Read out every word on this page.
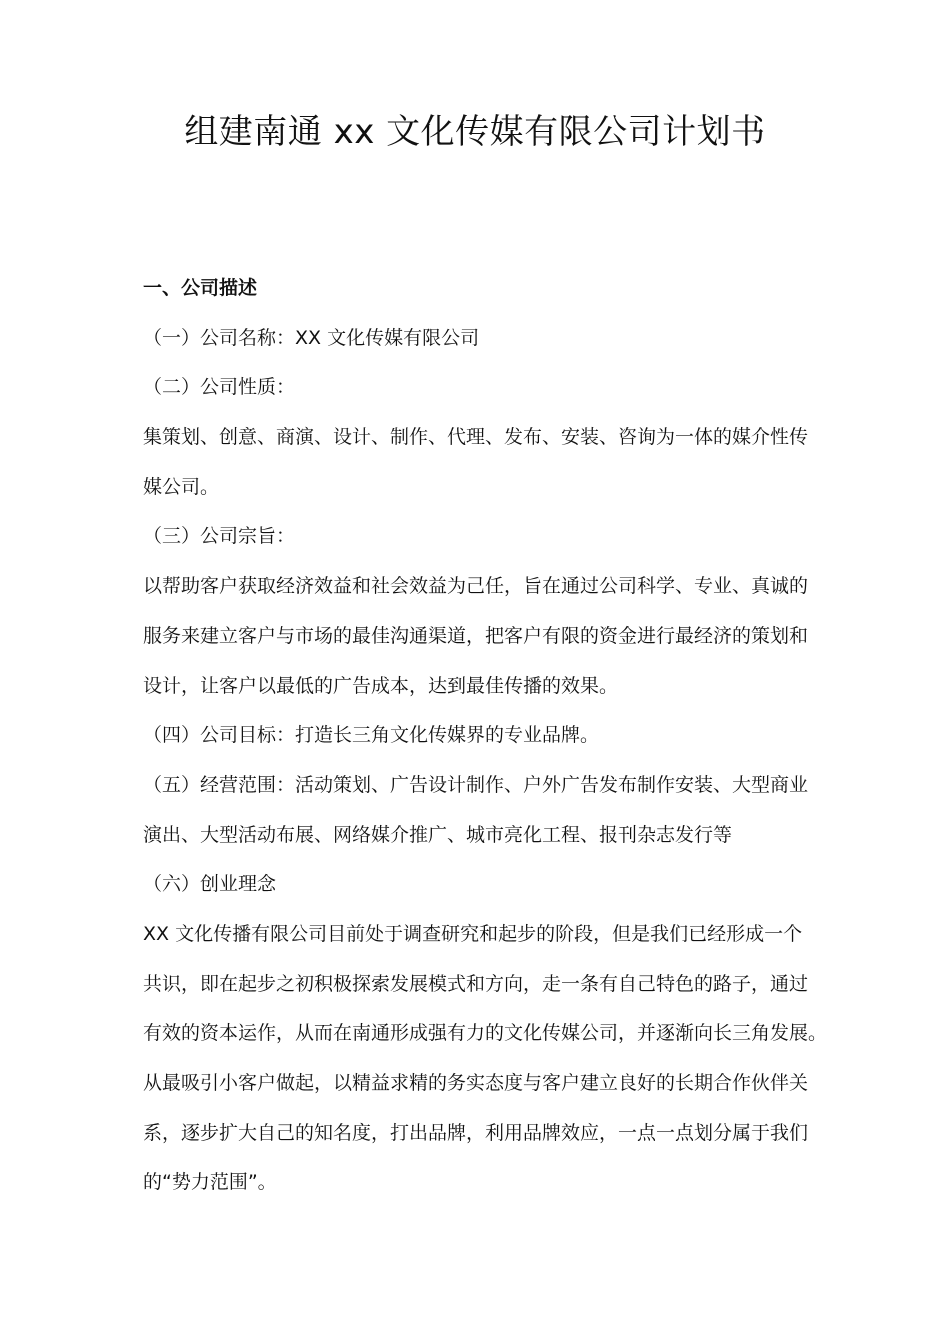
组建南通 xx 文化传媒有限公司计划书
一、公司描述
（一）公司名称：XX 文化传媒有限公司
（二）公司性质：
集策划、创意、商演、设计、制作、代理、发布、安装、咨询为一体的媒介性传
媒公司。
（三）公司宗旨：
以帮助客户获取经济效益和社会效益为己任，旨在通过公司科学、专业、真诚的
服务来建立客户与市场的最佳沟通渠道，把客户有限的资金进行最经济的策划和
设计，让客户以最低的广告成本，达到最佳传播的效果。
（四）公司目标：打造长三角文化传媒界的专业品牌。
（五）经营范围：活动策划、广告设计制作、户外广告发布制作安装、大型商业
演出、大型活动布展、网络媒介推广、城市亮化工程、报刊杂志发行等
（六）创业理念
XX 文化传播有限公司目前处于调查研究和起步的阶段，但是我们已经形成一个
共识，即在起步之初积极探索发展模式和方向，走一条有自己特色的路子，通过
有效的资本运作，从而在南通形成强有力的文化传媒公司，并逐渐向长三角发展。
从最吸引小客户做起，以精益求精的务实态度与客户建立良好的长期合作伙伴关
系，逐步扩大自己的知名度，打出品牌，利用品牌效应，一点一点划分属于我们
的“势力范围”。
